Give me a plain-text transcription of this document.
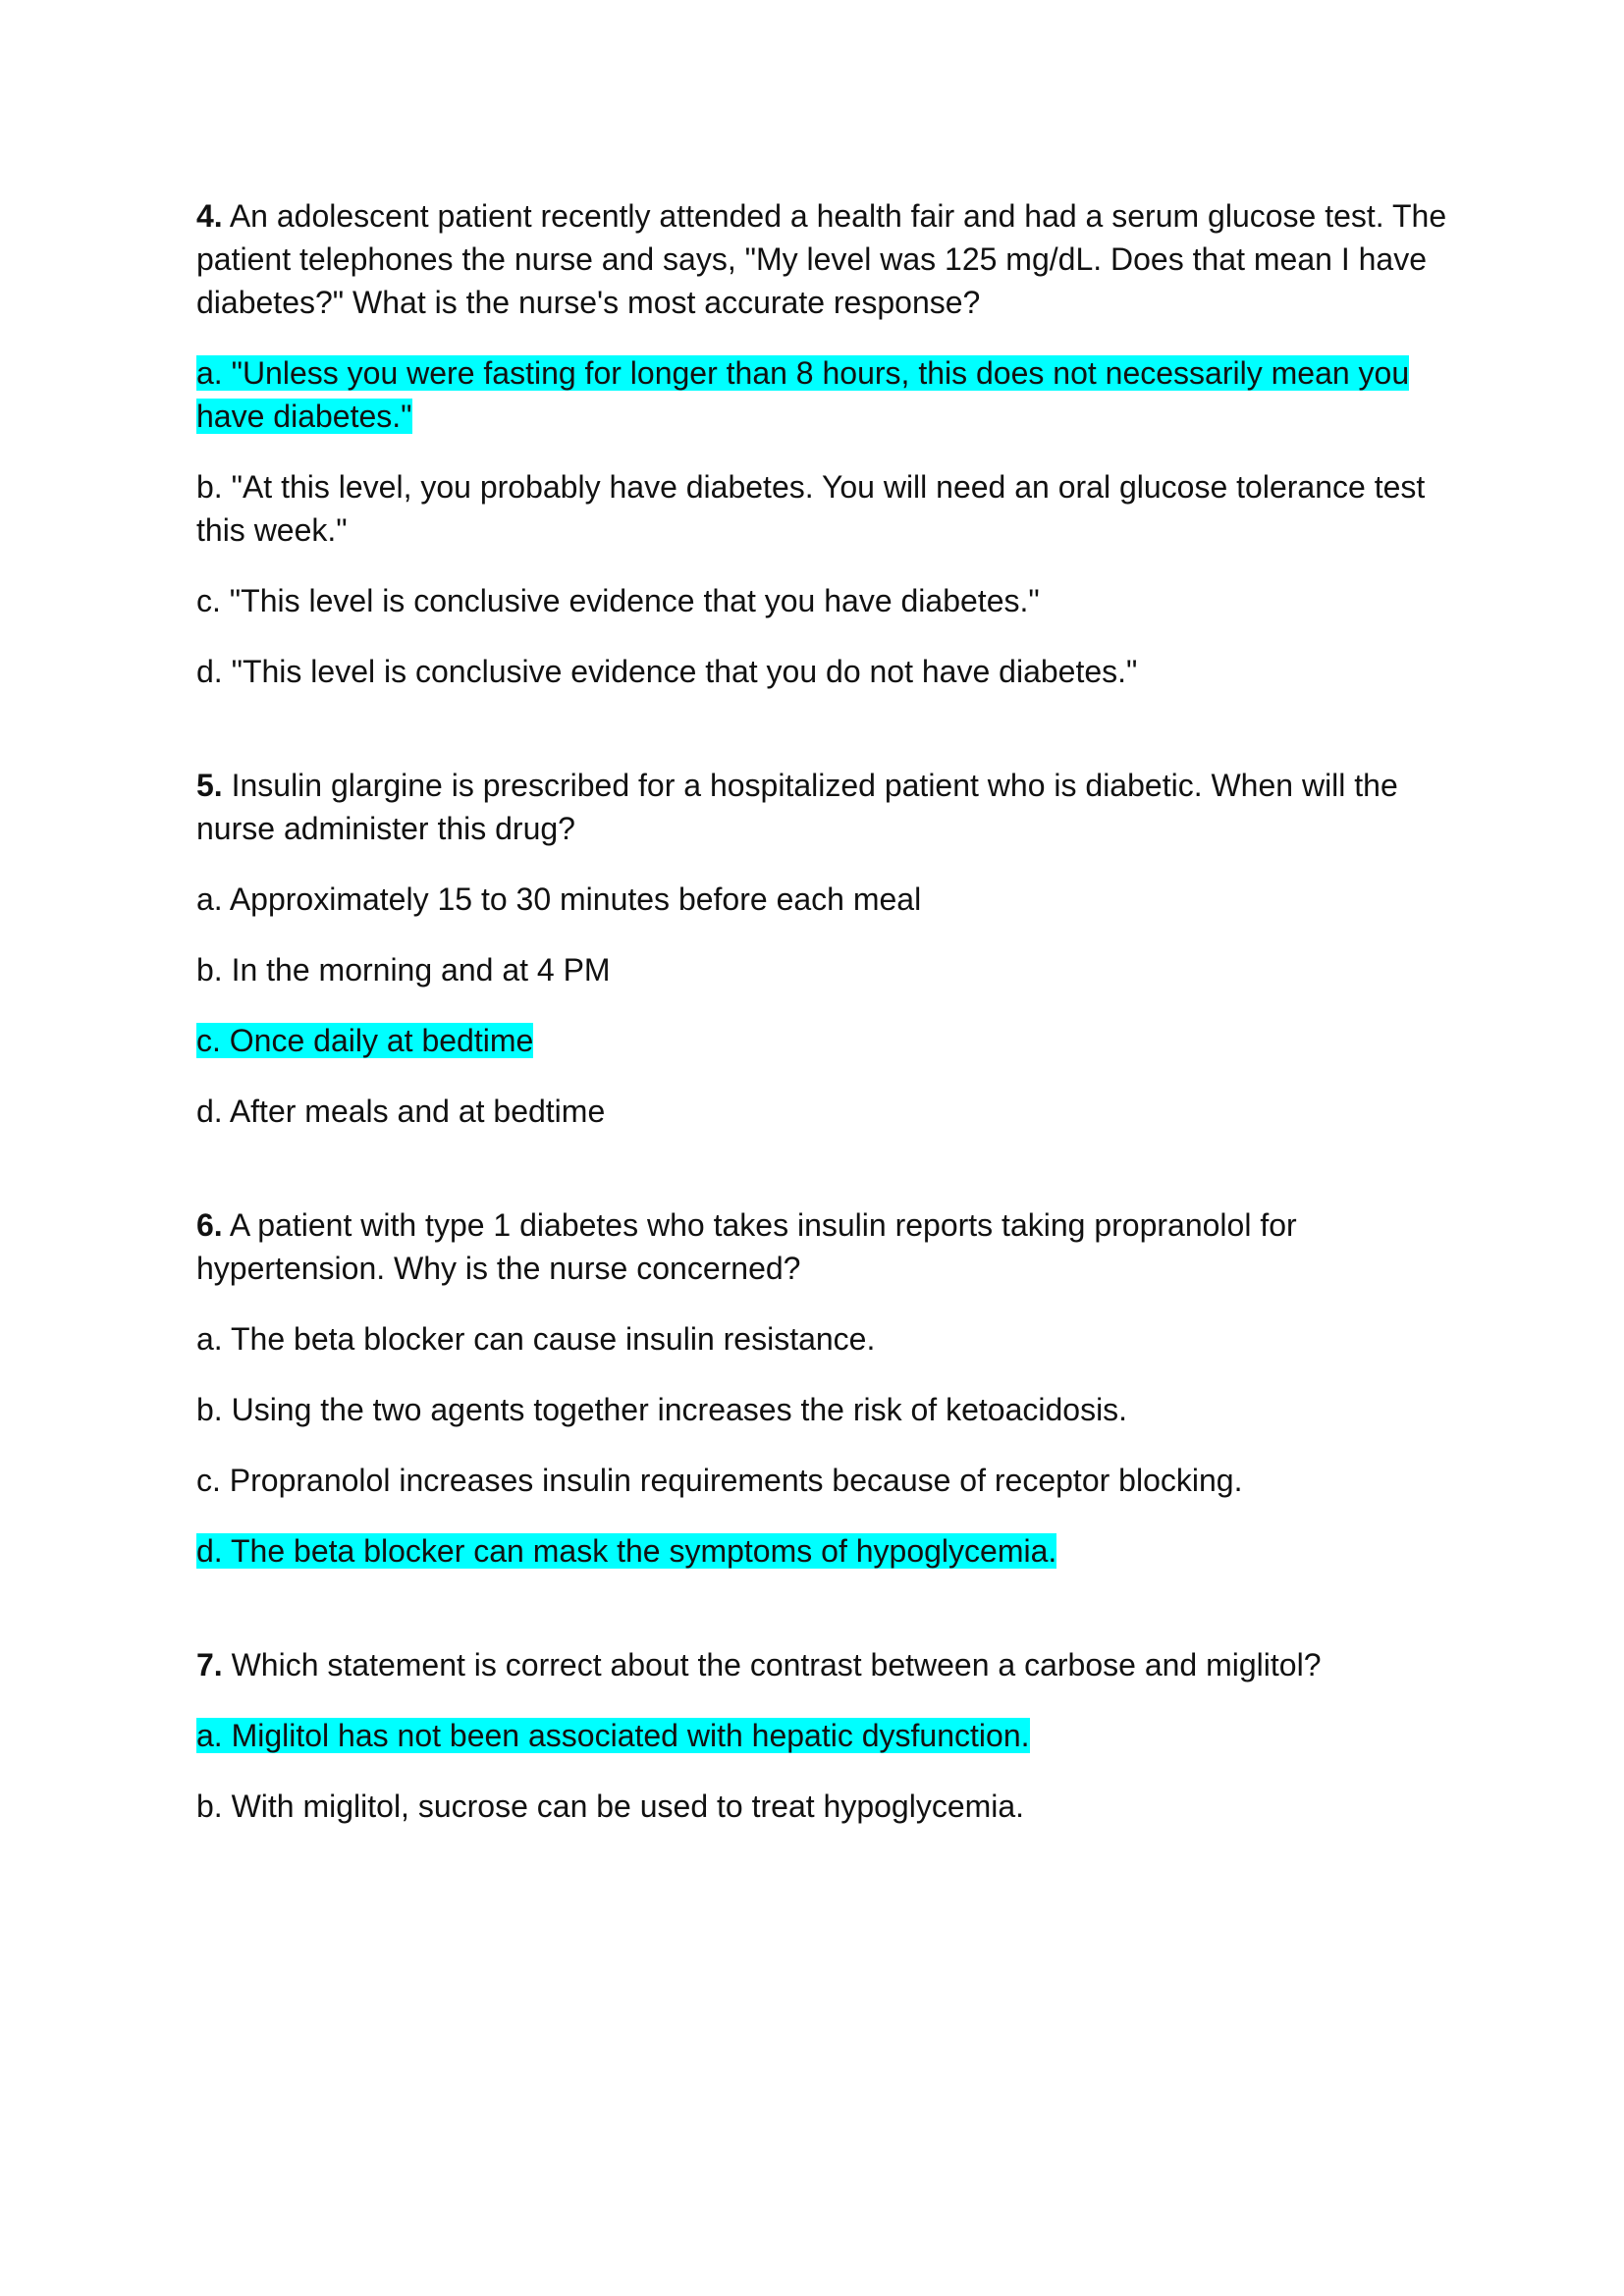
4. An adolescent patient recently attended a health fair and had a serum glucose test. The patient telephones the nurse and says, "My level was 125 mg/dL. Does that mean I have diabetes?" What is the nurse's most accurate response?

a. "Unless you were fasting for longer than 8 hours, this does not necessarily mean you have diabetes."

b. "At this level, you probably have diabetes. You will need an oral glucose tolerance test this week."

c. "This level is conclusive evidence that you have diabetes."

d. "This level is conclusive evidence that you do not have diabetes."

5. Insulin glargine is prescribed for a hospitalized patient who is diabetic. When will the nurse administer this drug?

a. Approximately 15 to 30 minutes before each meal

b. In the morning and at 4 PM

c. Once daily at bedtime

d. After meals and at bedtime

6. A patient with type 1 diabetes who takes insulin reports taking propranolol for hypertension. Why is the nurse concerned?

a. The beta blocker can cause insulin resistance.

b. Using the two agents together increases the risk of ketoacidosis.

c. Propranolol increases insulin requirements because of receptor blocking.

d. The beta blocker can mask the symptoms of hypoglycemia.

7. Which statement is correct about the contrast between a carbose and miglitol?

a. Miglitol has not been associated with hepatic dysfunction.

b. With miglitol, sucrose can be used to treat hypoglycemia.
